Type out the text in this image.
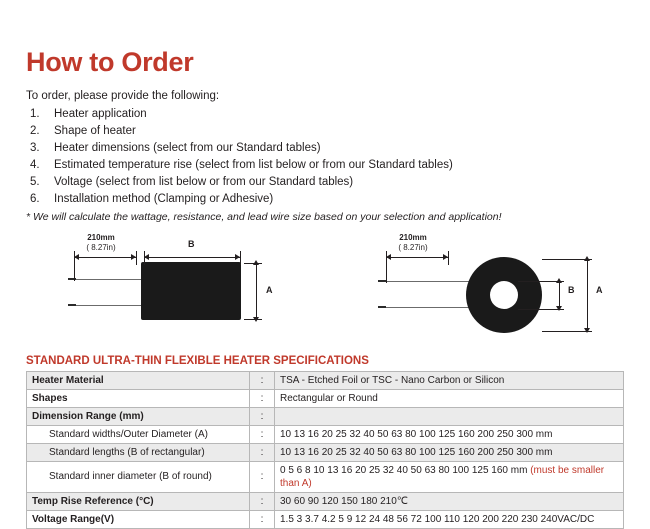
How to Order
To order, please provide the following:
1.	Heater application
2.	Shape of heater
3.	Heater dimensions (select from our Standard tables)
4.	Estimated temperature rise (select from list below or from our Standard tables)
5.	Voltage (select from list below or from our Standard tables)
6.	Installation method (Clamping or Adhesive)
* We will calculate the wattage, resistance, and lead wire size based on your selection and application!
210mm
( 8.27in)	B
A
210mm
( 8.27in)
B A
STANDARD ULTRA-THIN FLEXIBLE HEATER SPECIFICATIONS
Heater Material	:	TSA - Etched Foil or TSC - Nano Carbon or Silicon
Shapes	:	Rectangular or Round
Dimension Range (mm)	:	
Standard widths/Outer Diameter (A)	:	10 13 16 20 25 32 40 50 63 80 100 125 160 200 250 300 mm
Standard lengths (B of rectangular)	:	10 13 16 20 25 32 40 50 63 80 100 125 160 200 250 300 mm
Standard inner diameter (B of round)	:	0 5 6 8 10 13 16 20 25 32 40 50 63 80 100 125 160 mm (must be smaller than A)
Temp Rise Reference (°C)	:	30 60 90 120 150 180 210℃
Voltage Range(V)	:	1.5 3 3.7 4.2 5 9 12 24 48 56 72 100 110 120 200 220 230 240VAC/DC
